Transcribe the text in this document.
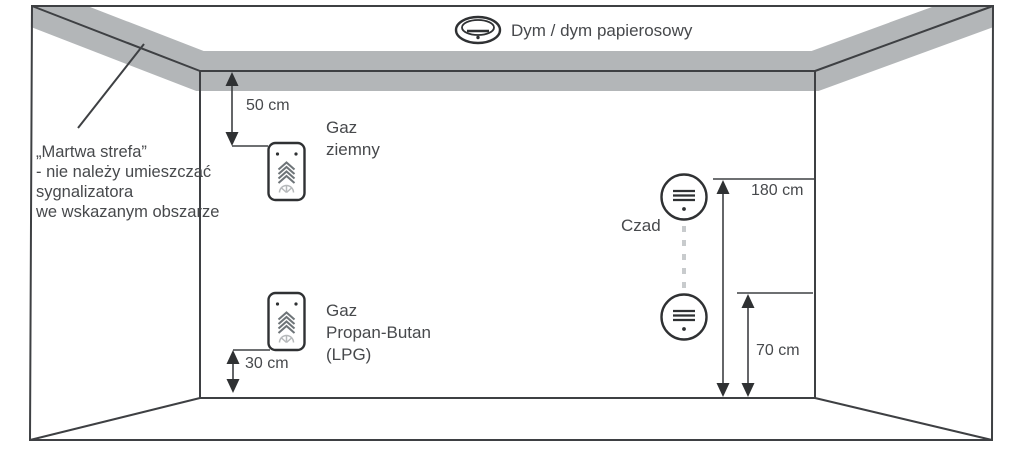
„Martwa strefa”
- nie należy umieszczać
sygnalizatora
we wskazanym obszarze
Dym / dym papierosowy
Gaz
ziemny
50 cm
Gaz
Propan-Butan
(LPG)
30 cm
Czad
180 cm
70 cm
